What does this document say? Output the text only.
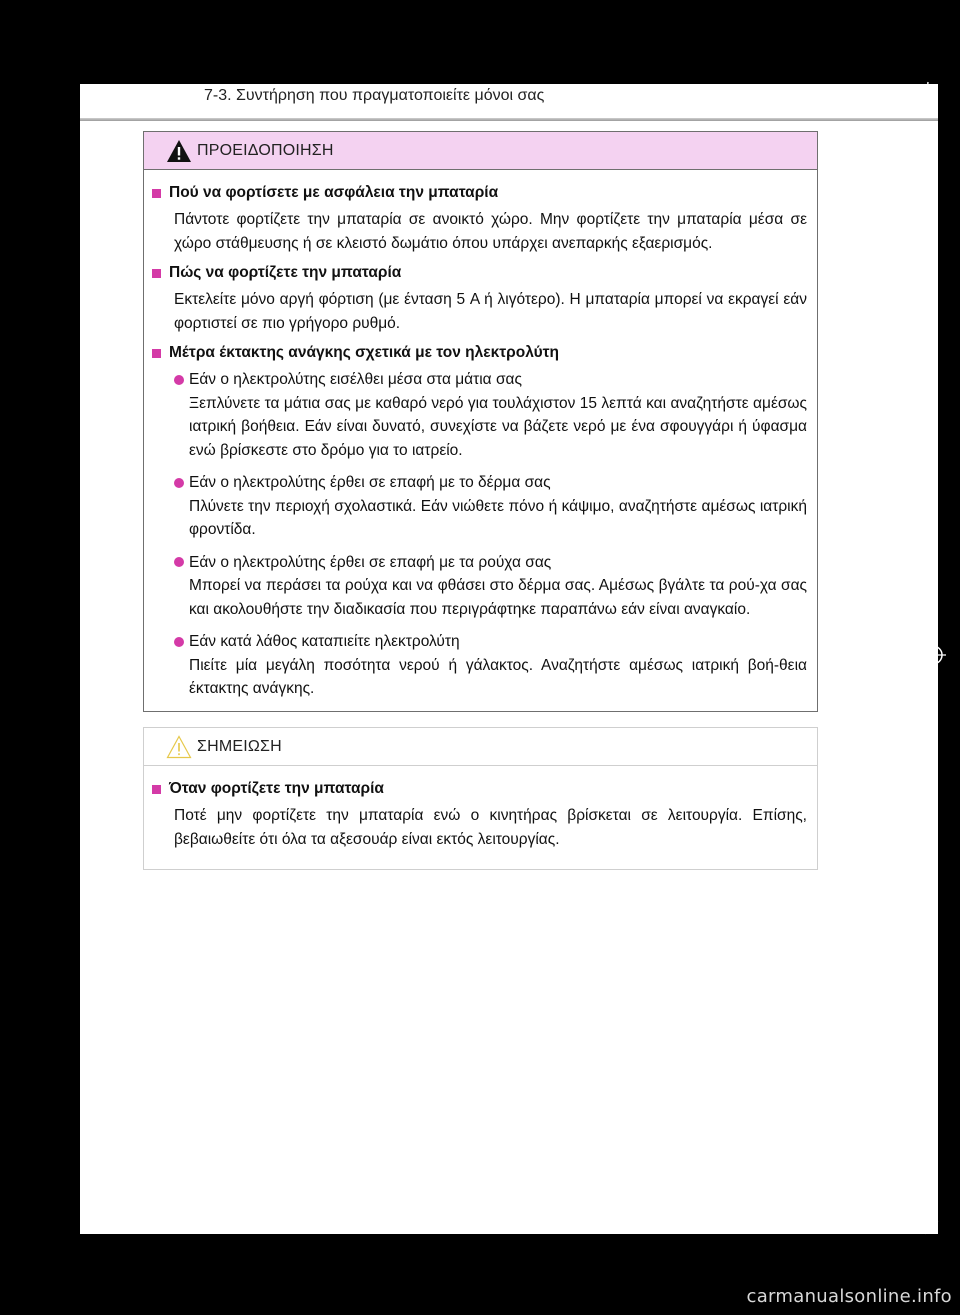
7-3. Συντήρηση που πραγματοποιείτε μόνοι σας
ΠΡΟΕΙΔΟΠΟΙΗΣΗ
Πού να φορτίσετε με ασφάλεια την μπαταρία

Πάντοτε φορτίζετε την μπαταρία σε ανοικτό χώρο. Μην φορτίζετε την μπαταρία μέσα σε χώρο στάθμευσης ή σε κλειστό δωμάτιο όπου υπάρχει ανεπαρκής εξαερισμός.

Πώς να φορτίζετε την μπαταρία

Εκτελείτε μόνο αργή φόρτιση (με ένταση 5 A ή λιγότερο). Η μπαταρία μπορεί να εκραγεί εάν φορτιστεί σε πιο γρήγορο ρυθμό.

Μέτρα έκτακτης ανάγκης σχετικά με τον ηλεκτρολύτη
Εάν ο ηλεκτρολύτης εισέλθει μέσα στα μάτια σας

Ξεπλύνετε τα μάτια σας με καθαρό νερό για τουλάχιστον 15 λεπτά και αναζητήστε αμέσως ιατρική βοήθεια. Εάν είναι δυνατό, συνεχίστε να βάζετε νερό με ένα σφουγγάρι ή ύφασμα ενώ βρίσκεστε στο δρόμο για το ιατρείο.

Εάν ο ηλεκτρολύτης έρθει σε επαφή με το δέρμα σας

Πλύνετε την περιοχή σχολαστικά. Εάν νιώθετε πόνο ή κάψιμο, αναζητήστε αμέσως ιατρική φροντίδα.

Εάν ο ηλεκτρολύτης έρθει σε επαφή με τα ρούχα σας

Μπορεί να περάσει τα ρούχα και να φθάσει στο δέρμα σας. Αμέσως βγάλτε τα ρού-χα σας και ακολουθήστε την διαδικασία που περιγράφτηκε παραπάνω εάν είναι αναγκαίο.

Εάν κατά λάθος καταπιείτε ηλεκτρολύτη

Πιείτε μία μεγάλη ποσότητα νερού ή γάλακτος. Αναζητήστε αμέσως ιατρική βοή-θεια έκτακτης ανάγκης.

ΣΗΜΕΙΩΣΗ
Όταν φορτίζετε την μπαταρία

Ποτέ μην φορτίζετε την μπαταρία ενώ ο κινητήρας βρίσκεται σε λειτουργία. Επίσης, βεβαιωθείτε ότι όλα τα αξεσουάρ είναι εκτός λειτουργίας.

carmanualsonline.info
